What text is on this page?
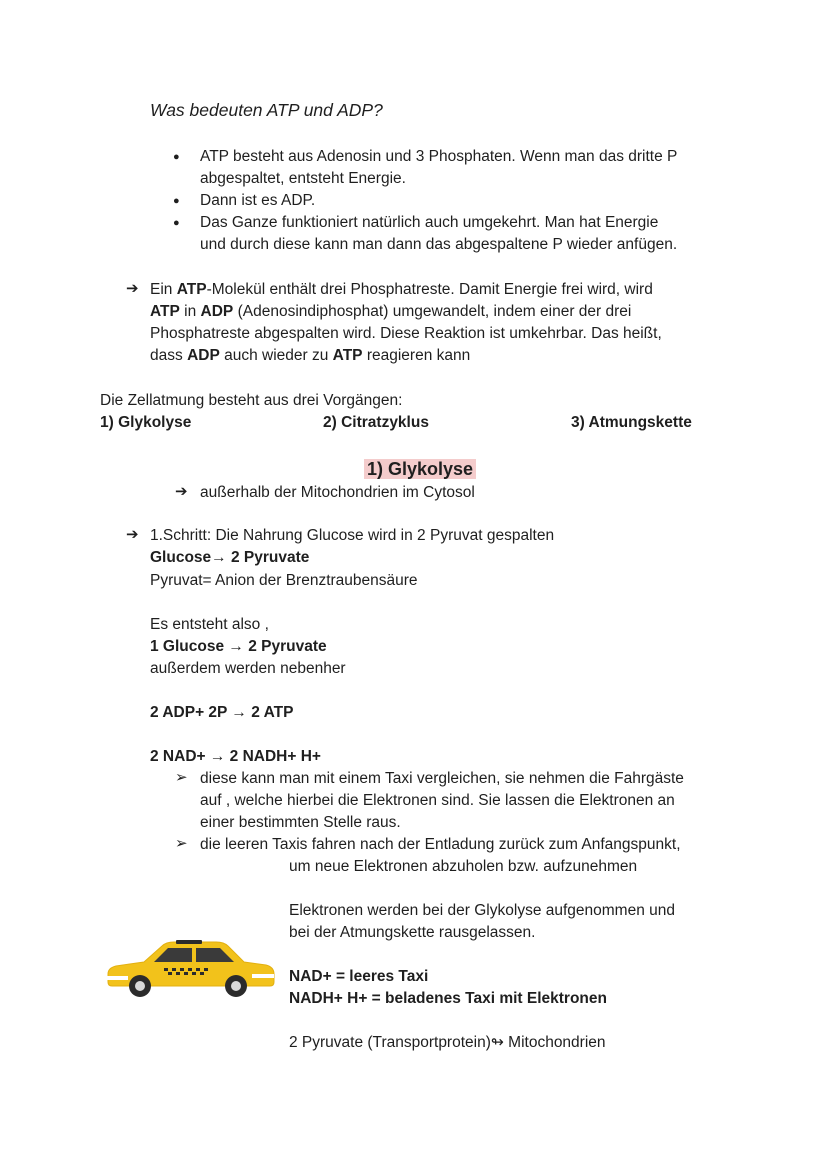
Was bedeuten ATP und ADP?
● ATP besteht aus Adenosin und 3 Phosphaten. Wenn man das dritte P
abgespaltet, entsteht Energie.
● Dann ist es ADP.
● Das Ganze funktioniert natürlich auch umgekehrt. Man hat Energie
und durch diese kann man dann das abgespaltene P wieder anfügen.
➔ Ein ATP-Molekül enthält drei Phosphatreste. Damit Energie frei wird, wird
ATP in ADP (Adenosindiphosphat) umgewandelt, indem einer der drei
Phosphatreste abgespalten wird. Diese Reaktion ist umkehrbar. Das heißt,
dass ADP auch wieder zu ATP reagieren kann
Die Zellatmung besteht aus drei Vorgängen:
1) Glykolyse	2) Citratzyklus	3) Atmungskette
1) Glykolyse
➔ außerhalb der Mitochondrien im Cytosol
➔ 1.Schritt: Die Nahrung Glucose wird in 2 Pyruvat gespalten
Glucose→ 2 Pyruvate
Pyruvat= Anion der Brenztraubensäure
Es entsteht also ,
1 Glucose → 2 Pyruvate
außerdem werden nebenher
2 ADP+ 2P → 2 ATP
2 NAD+ → 2 NADH+ H+
➢ diese kann man mit einem Taxi vergleichen, sie nehmen die Fahrgäste
auf , welche hierbei die Elektronen sind. Sie lassen die Elektronen an
einer bestimmten Stelle raus.
➢ die leeren Taxis fahren nach der Entladung zurück zum Anfangspunkt,
um neue Elektronen abzuholen bzw. aufzunehmen
Elektronen werden bei der Glykolyse aufgenommen und
bei der Atmungskette rausgelassen.
NAD+ = leeres Taxi
NADH+ H+ = beladenes Taxi mit Elektronen
2 Pyruvate (Transportprotein)↬ Mitochondrien
